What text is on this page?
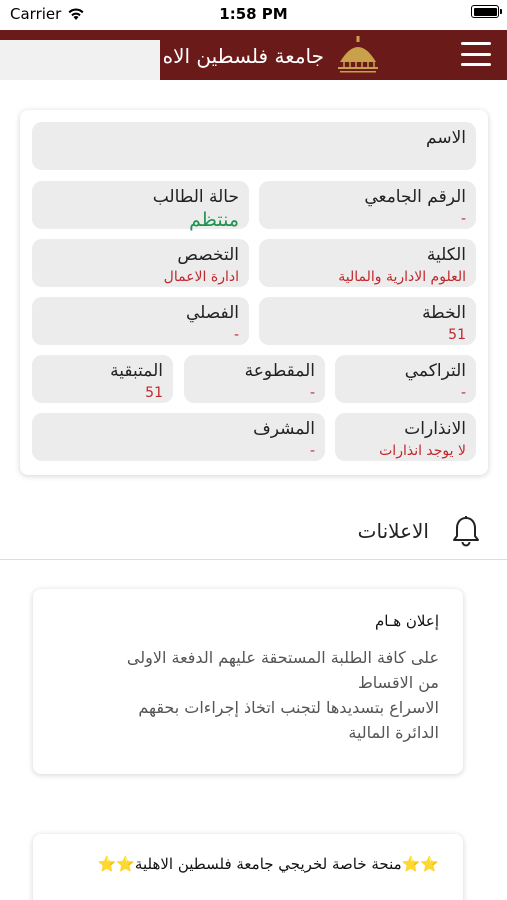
Carrier	1:58 PM
جامعة فلسطين الاه
الاسم
الرقم الجامعي
-
حالة الطالب
منتظم
الكلية
العلوم الادارية والمالية
التخصص
ادارة الاعمال
الخطة
51
الفصلي
-
التراكمي
-
المقطوعة
-
المتبقية
51
الانذارات
لا يوجد انذارات
المشرف
-
الاعلانات
إعلان هـام
على كافة الطلبة المستحقة عليهم الدفعة الاولى
من الاقساط
الاسراع بتسديدها لتجنب اتخاذ إجراءات بحقهم
الدائرة المالية
⭐⭐منحة خاصة لخريجي جامعة فلسطين الاهلية⭐⭐
